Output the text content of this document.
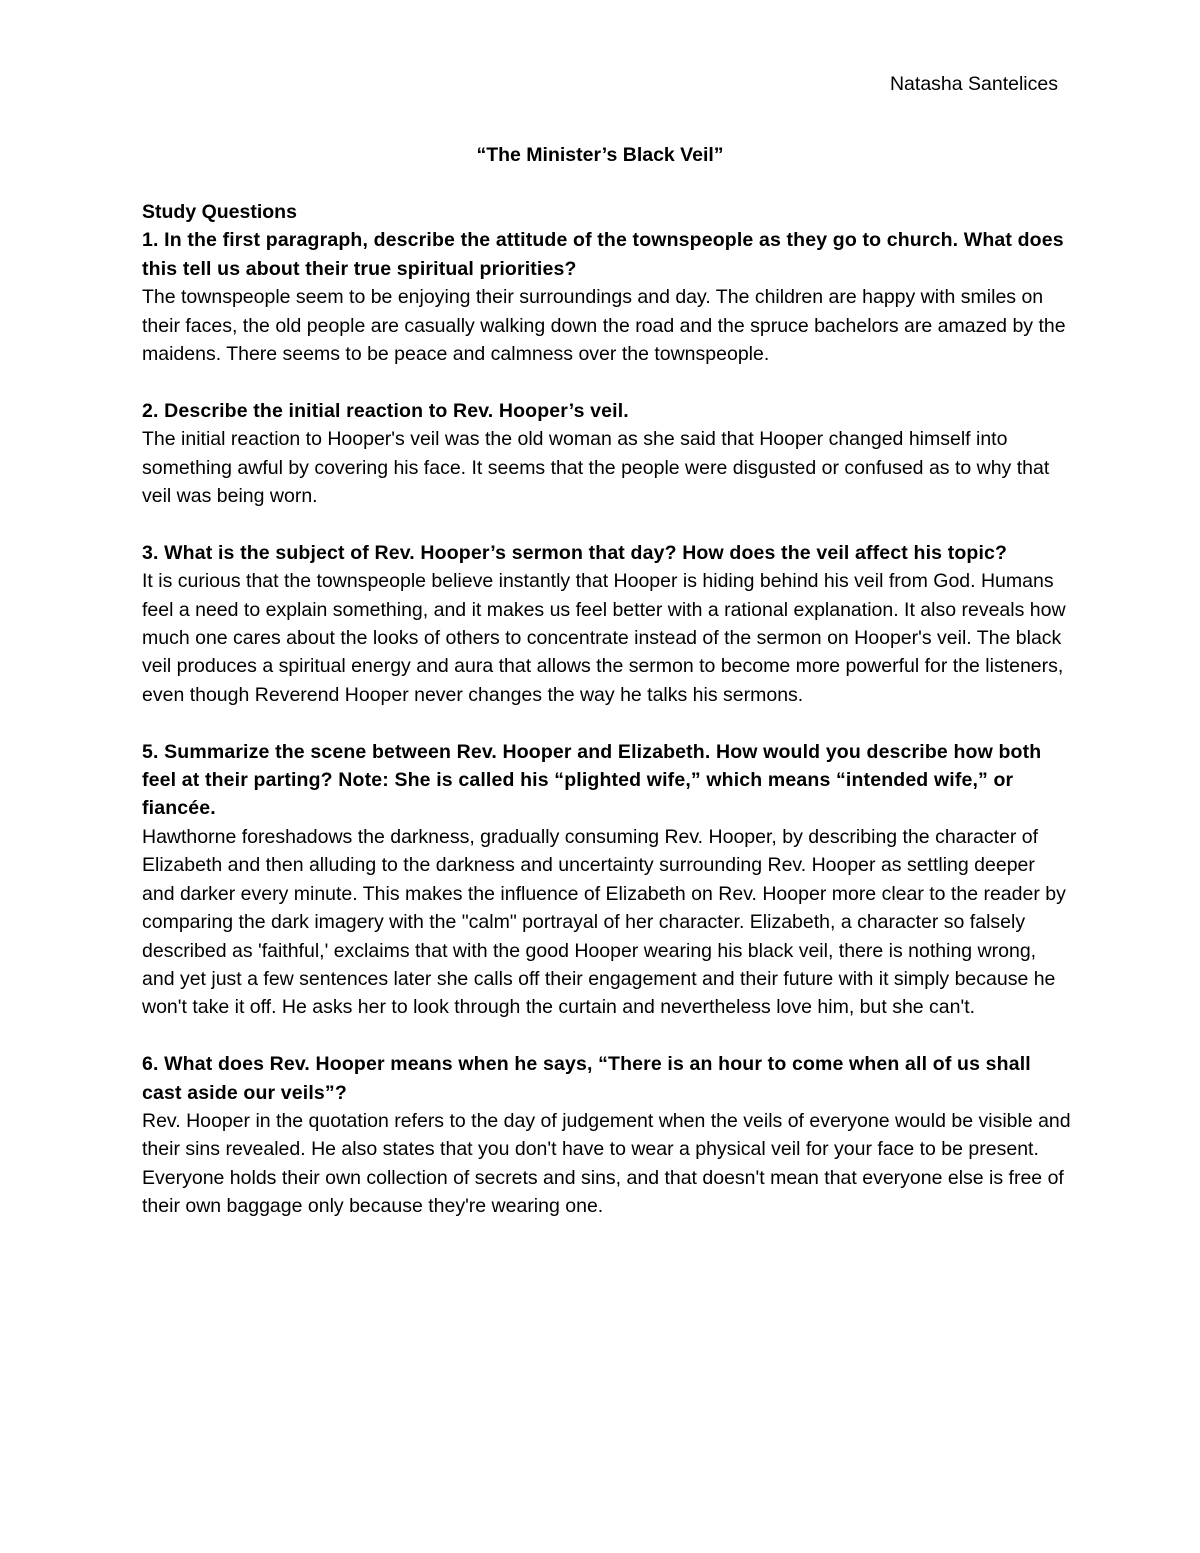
Natasha Santelices

“The Minister’s Black Veil”

Study Questions

1. In the first paragraph, describe the attitude of the townspeople as they go to church. What does this tell us about their true spiritual priorities?

The townspeople seem to be enjoying their surroundings and day. The children are happy with smiles on their faces, the old people are casually walking down the road and the spruce bachelors are amazed by the maidens. There seems to be peace and calmness over the townspeople.

2. Describe the initial reaction to Rev. Hooper’s veil.

The initial reaction to Hooper's veil was the old woman as she said that Hooper changed himself into something awful by covering his face. It seems that the people were disgusted or confused as to why that veil was being worn.

3. What is the subject of Rev. Hooper’s sermon that day? How does the veil affect his topic?

It is curious that the townspeople believe instantly that Hooper is hiding behind his veil from God. Humans feel a need to explain something, and it makes us feel better with a rational explanation. It also reveals how much one cares about the looks of others to concentrate instead of the sermon on Hooper's veil. The black veil produces a spiritual energy and aura that allows the sermon to become more powerful for the listeners, even though Reverend Hooper never changes the way he talks his sermons.

5. Summarize the scene between Rev. Hooper and Elizabeth. How would you describe how both feel at their parting? Note: She is called his “plighted wife,” which means “intended wife,” or fiancée.

Hawthorne foreshadows the darkness, gradually consuming Rev. Hooper, by describing the character of Elizabeth and then alluding to the darkness and uncertainty surrounding Rev. Hooper as settling deeper and darker every minute. This makes the influence of Elizabeth on Rev. Hooper more clear to the reader by comparing the dark imagery with the "calm" portrayal of her character. Elizabeth, a character so falsely described as 'faithful,' exclaims that with the good Hooper wearing his black veil, there is nothing wrong, and yet just a few sentences later she calls off their engagement and their future with it simply because he won't take it off. He asks her to look through the curtain and nevertheless love him, but she can't.

6. What does Rev. Hooper means when he says, “There is an hour to come when all of us shall cast aside our veils”?

Rev. Hooper in the quotation refers to the day of judgement when the veils of everyone would be visible and their sins revealed. He also states that you don't have to wear a physical veil for your face to be present. Everyone holds their own collection of secrets and sins, and that doesn't mean that everyone else is free of their own baggage only because they're wearing one.
